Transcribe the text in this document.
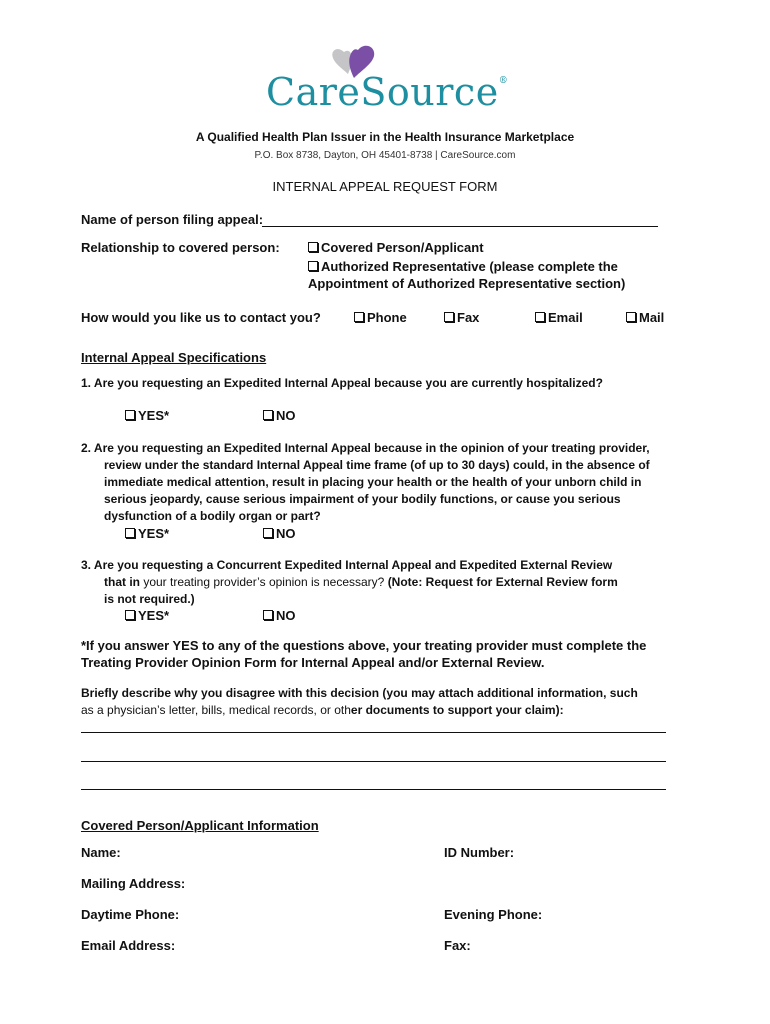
CareSource®
A Qualified Health Plan Issuer in the Health Insurance Marketplace
P.O. Box 8738, Dayton, OH 45401-8738 | CareSource.com
INTERNAL APPEAL REQUEST FORM
Name of person filing appeal:
Relationship to covered person:	Covered Person/Applicant
Authorized Representative (please complete the
Appointment of Authorized Representative section)
How would you like us to contact you?	Phone	Fax	Email	Mail
Internal Appeal Specifications
1. Are you requesting an Expedited Internal Appeal because you are currently hospitalized?
YES*	NO
2. Are you requesting an Expedited Internal Appeal because in the opinion of your treating provider,
review under the standard Internal Appeal time frame (of up to 30 days) could, in the absence of
immediate medical attention, result in placing your health or the health of your unborn child in
serious jeopardy, cause serious impairment of your bodily functions, or cause you serious
dysfunction of a bodily organ or part?
YES*	NO
3. Are you requesting a Concurrent Expedited Internal Appeal and Expedited External Review
that in your treating provider’s opinion is necessary? (Note: Request for External Review form
is not required.)
YES*	NO
*If you answer YES to any of the questions above, your treating provider must complete the
Treating Provider Opinion Form for Internal Appeal and/or External Review.
Briefly describe why you disagree with this decision (you may attach additional information, such
as a physician’s letter, bills, medical records, or other documents to support your claim):
Covered Person/Applicant Information
Name:	ID Number:
Mailing Address:
Daytime Phone:	Evening Phone:
Email Address:	Fax:
